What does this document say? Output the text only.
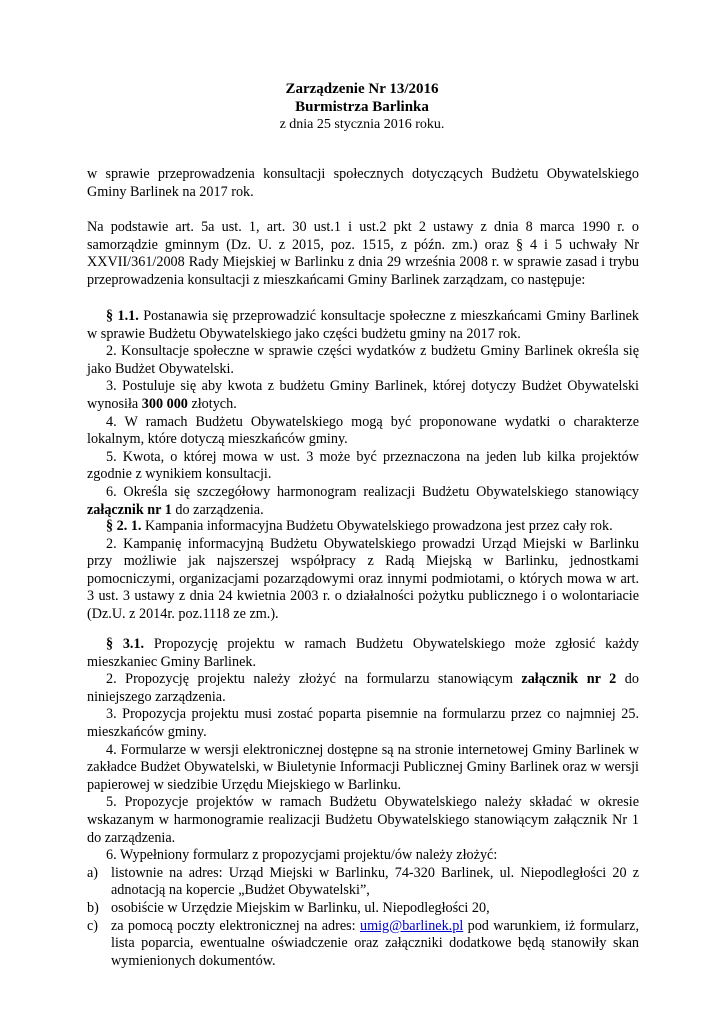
Zarządzenie Nr 13/2016
Burmistrza Barlinka
z dnia 25 stycznia 2016 roku.

w sprawie przeprowadzenia konsultacji społecznych dotyczących Budżetu Obywatelskiego Gminy Barlinek na 2017 rok.

Na podstawie art. 5a ust. 1, art. 30 ust.1 i ust.2 pkt 2 ustawy z dnia 8 marca 1990 r. o samorządzie gminnym (Dz. U. z 2015, poz. 1515, z późn. zm.) oraz § 4 i 5 uchwały Nr XXVII/361/2008 Rady Miejskiej w Barlinku z dnia 29 września 2008 r. w sprawie zasad i trybu przeprowadzenia konsultacji z mieszkańcami Gminy Barlinek zarządzam, co następuje:

§ 1.1. Postanawia się przeprowadzić konsultacje społeczne z mieszkańcami Gminy Barlinek w sprawie Budżetu Obywatelskiego jako części budżetu gminy na 2017 rok.

2. Konsultacje społeczne w sprawie części wydatków z budżetu Gminy Barlinek określa się jako Budżet Obywatelski.

3. Postuluje się aby kwota z budżetu Gminy Barlinek, której dotyczy Budżet Obywatelski wynosiła 300 000 złotych.

4. W ramach Budżetu Obywatelskiego mogą być proponowane wydatki o charakterze lokalnym, które dotyczą mieszkańców gminy.

5. Kwota, o której mowa w ust. 3 może być przeznaczona na jeden lub kilka projektów zgodnie z wynikiem konsultacji.

6. Określa się szczegółowy harmonogram realizacji Budżetu Obywatelskiego stanowiący załącznik nr 1 do zarządzenia.

§ 2. 1. Kampania informacyjna Budżetu Obywatelskiego prowadzona jest przez cały rok.

2. Kampanię informacyjną Budżetu Obywatelskiego prowadzi Urząd Miejski w Barlinku przy możliwie jak najszerszej współpracy z Radą Miejską w Barlinku, jednostkami pomocniczymi, organizacjami pozarządowymi oraz innymi podmiotami, o których mowa w art. 3 ust. 3 ustawy z dnia 24 kwietnia 2003 r. o działalności pożytku publicznego i o wolontariacie (Dz.U. z 2014r. poz.1118 ze zm.).

§ 3.1. Propozycję projektu w ramach Budżetu Obywatelskiego może zgłosić każdy mieszkaniec Gminy Barlinek.

2. Propozycję projektu należy złożyć na formularzu stanowiącym załącznik nr 2 do niniejszego zarządzenia.

3. Propozycja projektu musi zostać poparta pisemnie na formularzu przez co najmniej 25. mieszkańców gminy.

4. Formularze w wersji elektronicznej dostępne są na stronie internetowej Gminy Barlinek w zakładce Budżet Obywatelski, w Biuletynie Informacji Publicznej Gminy Barlinek oraz w wersji papierowej w siedzibie Urzędu Miejskiego w Barlinku.

5. Propozycje projektów w ramach Budżetu Obywatelskiego należy składać w okresie wskazanym w harmonogramie realizacji Budżetu Obywatelskiego stanowiącym załącznik Nr 1 do zarządzenia.

6. Wypełniony formularz z propozycjami projektu/ów należy złożyć:

a) listownie na adres: Urząd Miejski w Barlinku, 74-320 Barlinek, ul. Niepodległości 20 z adnotacją na kopercie „Budżet Obywatelski”,
b) osobiście w Urzędzie Miejskim w Barlinku, ul. Niepodległości 20,
c) za pomocą poczty elektronicznej na adres: umig@barlinek.pl pod warunkiem, iż formularz, lista poparcia, ewentualne oświadczenie oraz załączniki dodatkowe będą stanowiły skan wymienionych dokumentów.
